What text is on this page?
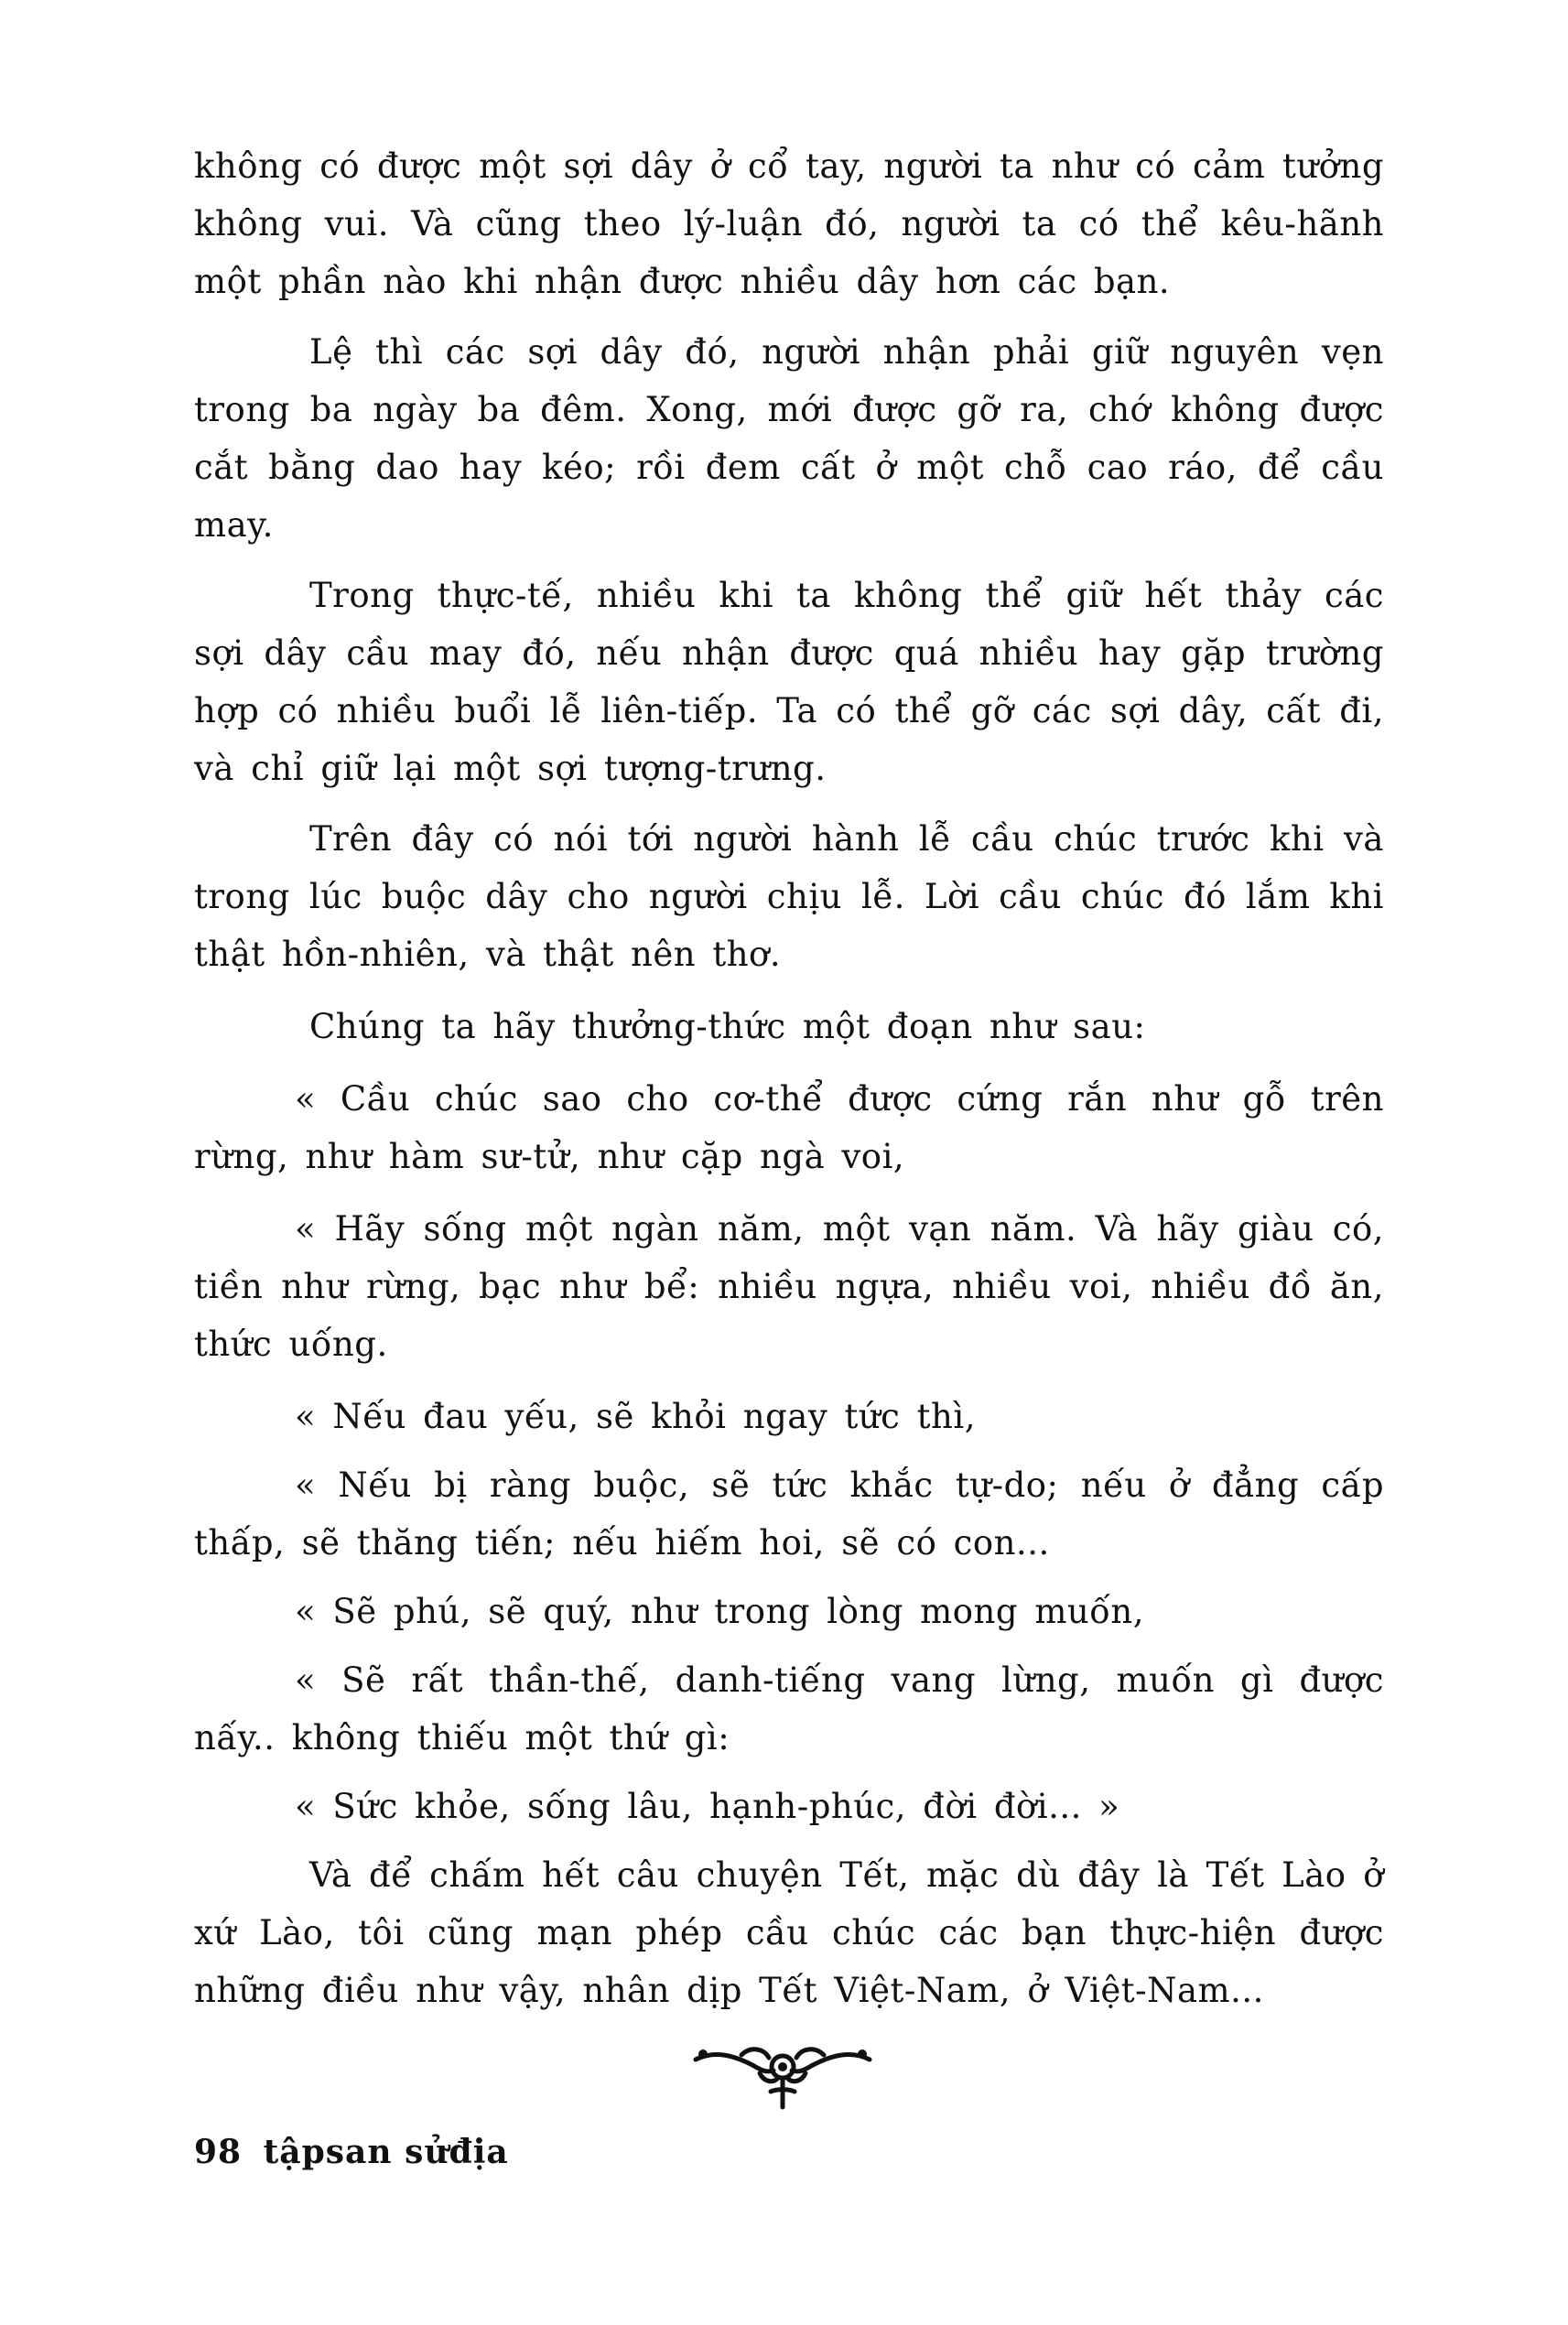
không có được một sợi dây ở cổ tay, người ta như có cảm tưởng không vui. Và cũng theo lý-luận đó, người ta có thể kêu-hãnh một phần nào khi nhận được nhiều dây hơn các bạn.

Lệ thì các sợi dây đó, người nhận phải giữ nguyên vẹn trong ba ngày ba đêm. Xong, mới được gỡ ra, chớ không được cắt bằng dao hay kéo; rồi đem cất ở một chỗ cao ráo, để cầu may.

Trong thực-tế, nhiều khi ta không thể giữ hết thảy các sợi dây cầu may đó, nếu nhận được quá nhiều hay gặp trường hợp có nhiều buổi lễ liên-tiếp. Ta có thể gỡ các sợi dây, cất đi, và chỉ giữ lại một sợi tượng-trưng.

Trên đây có nói tới người hành lễ cầu chúc trước khi và trong lúc buộc dây cho người chịu lễ. Lời cầu chúc đó lắm khi thật hồn-nhiên, và thật nên thơ.

Chúng ta hãy thưởng-thức một đoạn như sau:

« Cầu chúc sao cho cơ-thể được cứng rắn như gỗ trên rừng, như hàm sư-tử, như cặp ngà voi,

« Hãy sống một ngàn năm, một vạn năm. Và hãy giàu có, tiền như rừng, bạc như bể: nhiều ngựa, nhiều voi, nhiều đồ ăn, thức uống.

« Nếu đau yếu, sẽ khỏi ngay tức thì,

« Nếu bị ràng buộc, sẽ tức khắc tự-do; nếu ở đẳng cấp thấp, sẽ thăng tiến; nếu hiếm hoi, sẽ có con...

« Sẽ phú, sẽ quý, như trong lòng mong muốn,

« Sẽ rất thần-thế, danh-tiếng vang lừng, muốn gì được nấy.. không thiếu một thứ gì:

« Sức khỏe, sống lâu, hạnh-phúc, đời đời... »

Và để chấm hết câu chuyện Tết, mặc dù đây là Tết Lào ở xứ Lào, tôi cũng mạn phép cầu chúc các bạn thực-hiện được những điều như vậy, nhân dịp Tết Việt-Nam, ở Việt-Nam...

98 tậpsan sửđịa
